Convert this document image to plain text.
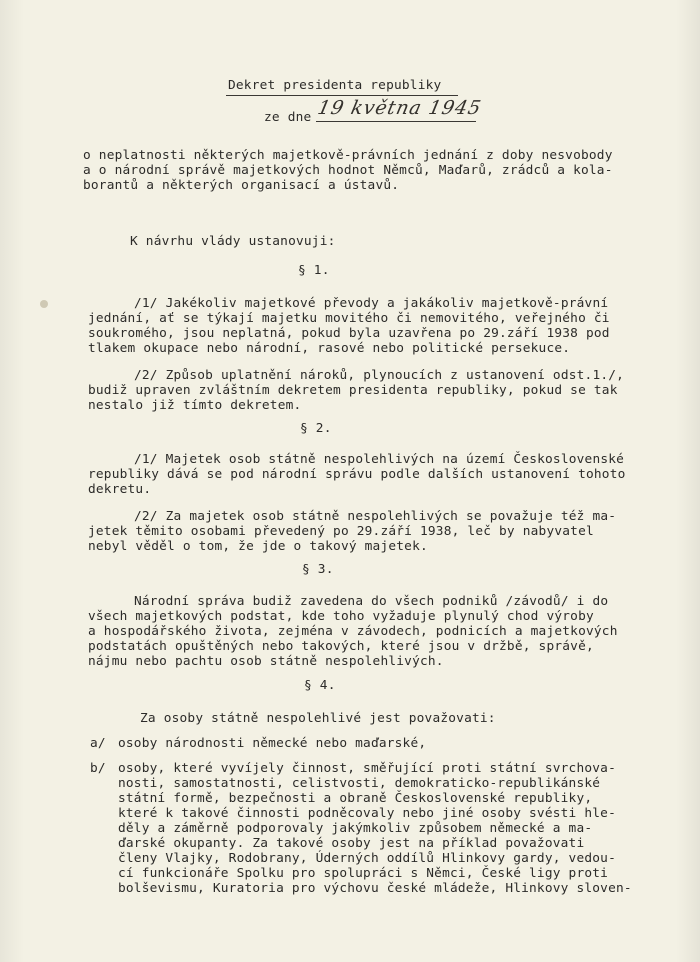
Dekret presidenta republiky
ze dne 19 května 1945
o neplatnosti některých majetkově-právních jednání z doby nesvobody
a o národní správě majetkových hodnot Němců, Maďarů, zrádců a kola-
borantů a některých organisací a ústavů.
K návrhu vlády ustanovuji:
§ 1.
/1/ Jakékoliv majetkové převody a jakákoliv majetkově-právní
jednání, ať se týkají majetku movitého či nemovitého, veřejného či
soukromého, jsou neplatná, pokud byla uzavřena po 29.září 1938 pod
tlakem okupace nebo národní, rasové nebo politické persekuce.
/2/ Způsob uplatnění nároků, plynoucích z ustanovení odst.1./,
budiž upraven zvláštním dekretem presidenta republiky, pokud se tak
nestalo již tímto dekretem.
§ 2.
/1/ Majetek osob státně nespolehlivých na území Československé
republiky dává se pod národní správu podle dalších ustanovení tohoto
dekretu.
/2/ Za majetek osob státně nespolehlivých se považuje též ma-
jetek těmito osobami převedený po 29.září 1938, leč by nabyvatel
nebyl věděl o tom, že jde o takový majetek.
§ 3.
Národní správa budiž zavedena do všech podniků /závodů/ i do
všech majetkových podstat, kde toho vyžaduje plynulý chod výroby
a hospodářského života, zejména v závodech, podnicích a majetkových
podstatách opuštěných nebo takových, které jsou v držbě, správě,
nájmu nebo pachtu osob státně nespolehlivých.
§ 4.
Za osoby státně nespolehlivé jest považovati:
a/ osoby národnosti německé nebo maďarské,
b/ osoby, které vyvíjely činnost, směřující proti státní svrchova-
nosti, samostatnosti, celistvosti, demokraticko-republikánské
státní formě, bezpečnosti a obraně Československé republiky,
které k takové činnosti podněcovaly nebo jiné osoby svésti hle-
děly a záměrně podporovaly jakýmkoliv způsobem německé a ma-
ďarské okupanty. Za takové osoby jest na příklad považovati
členy Vlajky, Rodobrany, Úderných oddílů Hlinkovy gardy, vedou-
cí funkcionáře Spolku pro spolupráci s Němci, České ligy proti
bolševismu, Kuratoria pro výchovu české mládeže, Hlinkovy sloven-
